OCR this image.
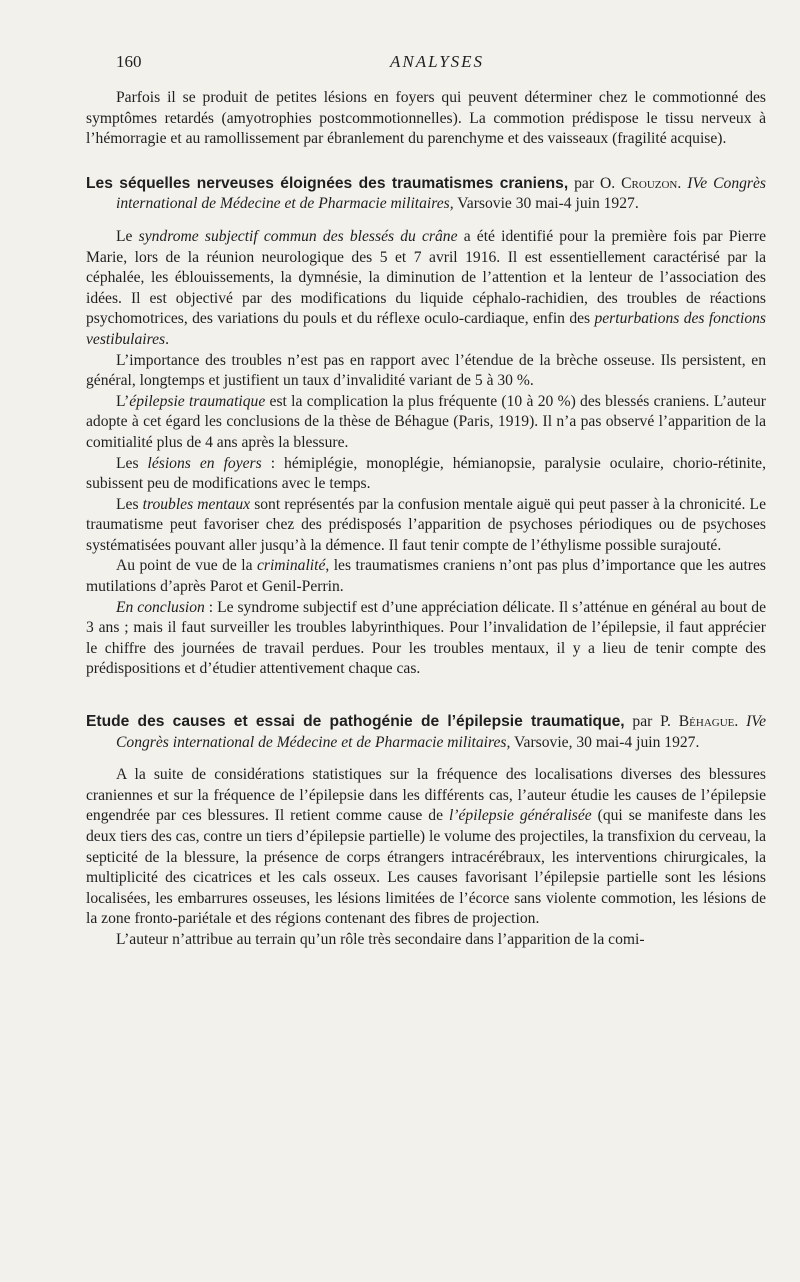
160	ANALYSES

Parfois il se produit de petites lésions en foyers qui peuvent déterminer chez le commotionné des symptômes retardés (amyotrophies postcommotionnelles). La commotion prédispose le tissu nerveux à l’hémorragie et au ramollissement par ébranlement du parenchyme et des vaisseaux (fragilité acquise).

Les séquelles nerveuses éloignées des traumatismes craniens, par O. Crouzon. IVe Congrès international de Médecine et de Pharmacie militaires, Varsovie 30 mai-4 juin 1927.

Le syndrome subjectif commun des blessés du crâne a été identifié pour la première fois par Pierre Marie, lors de la réunion neurologique des 5 et 7 avril 1916. Il est essentiellement caractérisé par la céphalée, les éblouissements, la dymnésie, la diminution de l’attention et la lenteur de l’association des idées. Il est objectivé par des modifications du liquide céphalo-rachidien, des troubles de réactions psychomotrices, des variations du pouls et du réflexe oculo-cardiaque, enfin des perturbations des fonctions vestibulaires.

L’importance des troubles n’est pas en rapport avec l’étendue de la brèche osseuse. Ils persistent, en général, longtemps et justifient un taux d’invalidité variant de 5 à 30 %.

L’épilepsie traumatique est la complication la plus fréquente (10 à 20 %) des blessés craniens. L’auteur adopte à cet égard les conclusions de la thèse de Béhague (Paris, 1919). Il n’a pas observé l’apparition de la comitialité plus de 4 ans après la blessure.

Les lésions en foyers : hémiplégie, monoplégie, hémianopsie, paralysie oculaire, chorio-rétinite, subissent peu de modifications avec le temps.

Les troubles mentaux sont représentés par la confusion mentale aiguë qui peut passer à la chronicité. Le traumatisme peut favoriser chez des prédisposés l’apparition de psychoses périodiques ou de psychoses systématisées pouvant aller jusqu’à la démence. Il faut tenir compte de l’éthylisme possible surajouté.

Au point de vue de la criminalité, les traumatismes craniens n’ont pas plus d’importance que les autres mutilations d’après Parot et Genil-Perrin.

En conclusion : Le syndrome subjectif est d’une appréciation délicate. Il s’atténue en général au bout de 3 ans ; mais il faut surveiller les troubles labyrinthiques. Pour l’invalidation de l’épilepsie, il faut apprécier le chiffre des journées de travail perdues. Pour les troubles mentaux, il y a lieu de tenir compte des prédispositions et d’étudier attentivement chaque cas.

Etude des causes et essai de pathogénie de l’épilepsie traumatique, par P. Béhague. IVe Congrès international de Médecine et de Pharmacie militaires, Varsovie, 30 mai-4 juin 1927.

A la suite de considérations statistiques sur la fréquence des localisations diverses des blessures craniennes et sur la fréquence de l’épilepsie dans les différents cas, l’auteur étudie les causes de l’épilepsie engendrée par ces blessures. Il retient comme cause de l’épilepsie généralisée (qui se manifeste dans les deux tiers des cas, contre un tiers d’épilepsie partielle) le volume des projectiles, la transfixion du cerveau, la septicité de la blessure, la présence de corps étrangers intracérébraux, les interventions chirurgicales, la multiplicité des cicatrices et les cals osseux. Les causes favorisant l’épilepsie partielle sont les lésions localisées, les embarrures osseuses, les lésions limitées de l’écorce sans violente commotion, les lésions de la zone fronto-pariétale et des régions contenant des fibres de projection.

L’auteur n’attribue au terrain qu’un rôle très secondaire dans l’apparition de la comi-
